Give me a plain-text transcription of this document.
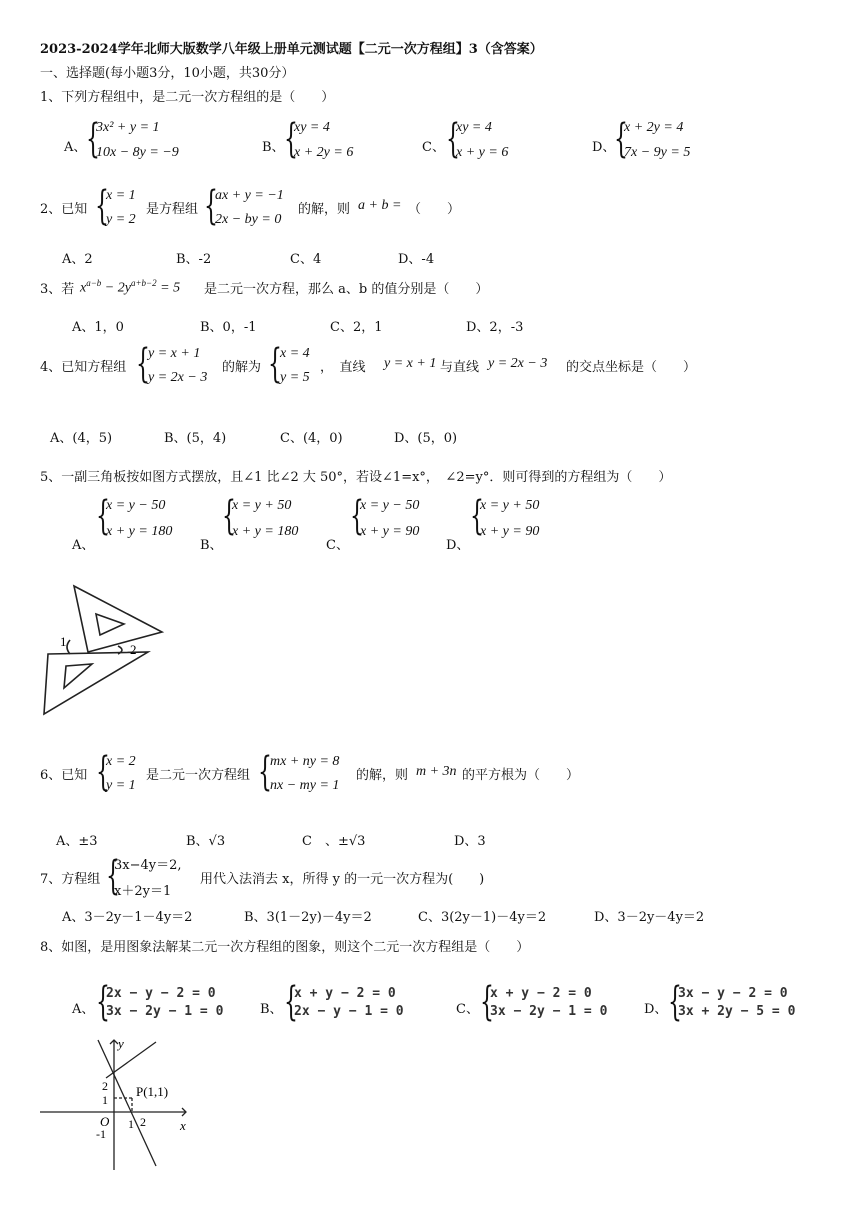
2023-2024学年北师大版数学八年级上册单元测试题【二元一次方程组】3（含答案）
一、选择题(每小题3分，10小题，共30分）
1、下列方程组中，是二元一次方程组的是（　　）
A、 {
3x² + y = 1
10x − 8y = −9	B、 {
xy = 4
x + 2y = 6	C、 {
xy = 4
x + y = 6	D、
{
x + 2y = 4
7x − 9y = 5
2、已知 {
x = 1
y = 2
是方程组 {
ax + y = −1
2x − by = 0
的解，则 a + b = （　　）
A、2	B、-2	C、4	D、-4
3、若 $x^{a-b} - 2y^{a+b-2} = 5$ 是二元一次方程，那么 a、b 的值分别是（　　）
A、1，0	B、0，-1	C、2，1	D、2，-3
4、已知方程组 {
y = x + 1
y = 2x − 3
的解为 {
x = 4
y = 5
，　直线 y = x + 1 与直线 y = 2x − 3 的交点坐标是（　　）
A、(4，5)	B、(5，4)	C、(4，0)	D、(5，0)
5、一副三角板按如图方式摆放，且∠1 比∠2 大 50°，若设∠1=x°，　∠2=y°．则可得到的方程组为（　　）
A、
{
x = y − 50
x + y = 180
B、
{
x = y + 50
x + y = 180
C、
{
x = y − 50
x + y = 90
D、
{
x = y + 50
x + y = 90
1
2
6、已知 {
x = 2
y = 1
是二元一次方程组 {
mx + ny = 8
nx − my = 1
的解，则 m + 3n 的平方根为（　　）
A、±3	B、√3	C　、±√3	D、3
7、方程组 {
3x−4y＝2,
x＋2y＝1
用代入法消去 x，所得 y 的一元一次方程为(　　)
A、3－2y－1－4y＝2	B、3(1－2y)－4y＝2	C、3(2y－1)－4y＝2	D、3－2y－4y＝2
8、如图，是用图象法解某二元一次方程组的图象，则这个二元一次方程组是（　　）
A、 {
2x − y − 2 = 0
3x − 2y − 1 = 0	B、 {
x + y − 2 = 0
2x − y − 1 = 0	C、 {
x + y − 2 = 0
3x − 2y − 1 = 0	D、 {
3x − y − 2 = 0
3x + 2y − 5 = 0
y
x
O
P(1,1)
2
1
-1
1 2
